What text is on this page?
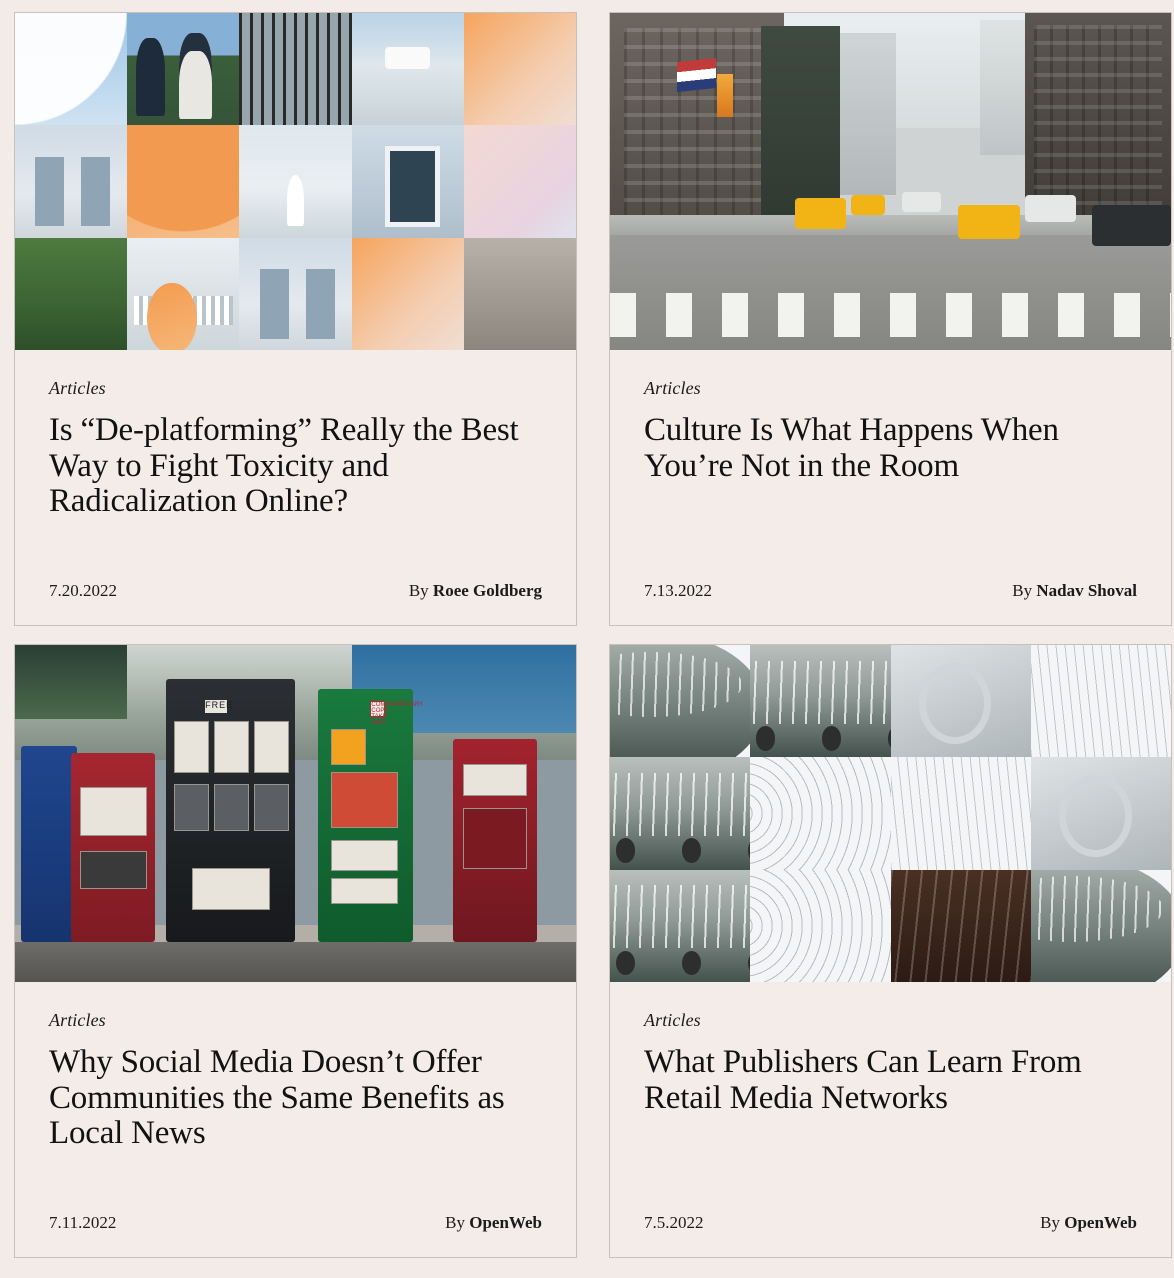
Articles
Is “De-platforming” Really the Best Way to Fight Toxicity and Radicalization Online?
7.20.2022	By Roee Goldberg
Articles
Culture Is What Happens When You’re Not in the Room
7.13.2022	By Nadav Shoval
FREE	COMPLIMENTARY COPY TAKE ONE!
Articles
Why Social Media Doesn’t Offer Communities the Same Benefits as Local News
7.11.2022	By OpenWeb
Articles
What Publishers Can Learn From Retail Media Networks
7.5.2022	By OpenWeb
